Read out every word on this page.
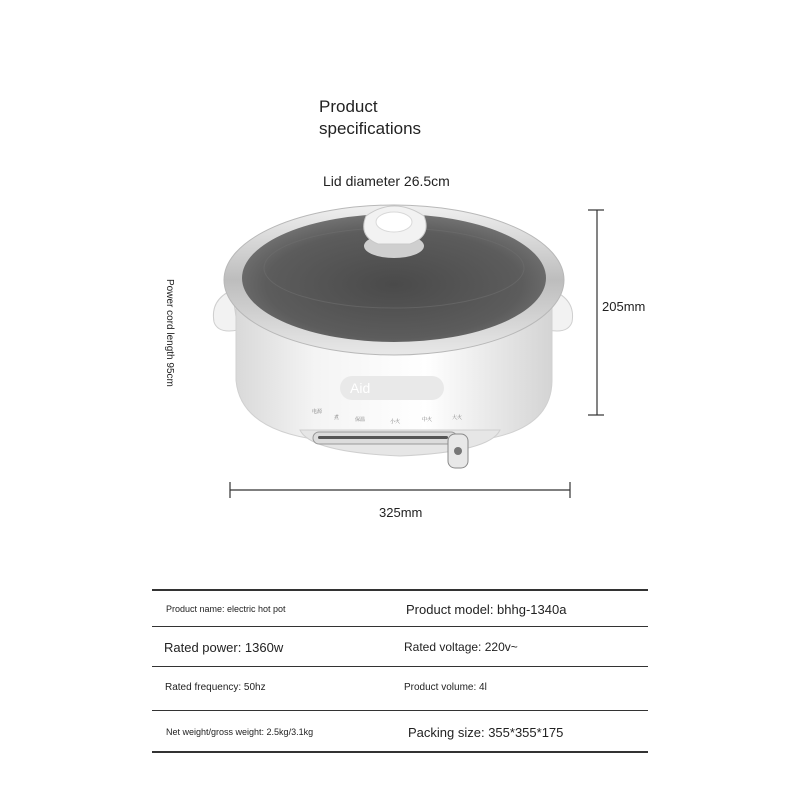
Product
specifications
Lid diameter 26.5cm
205mm
325mm
Power cord length 95cm
Aid
电源
煮	保温	小火	中火	大火
Product name: electric hot pot	Product model: bhhg-1340a
Rated power: 1360w	Rated voltage: 220v~
Rated frequency: 50hz	Product volume: 4l
Net weight/gross weight: 2.5kg/3.1kg	Packing size: 355*355*175
